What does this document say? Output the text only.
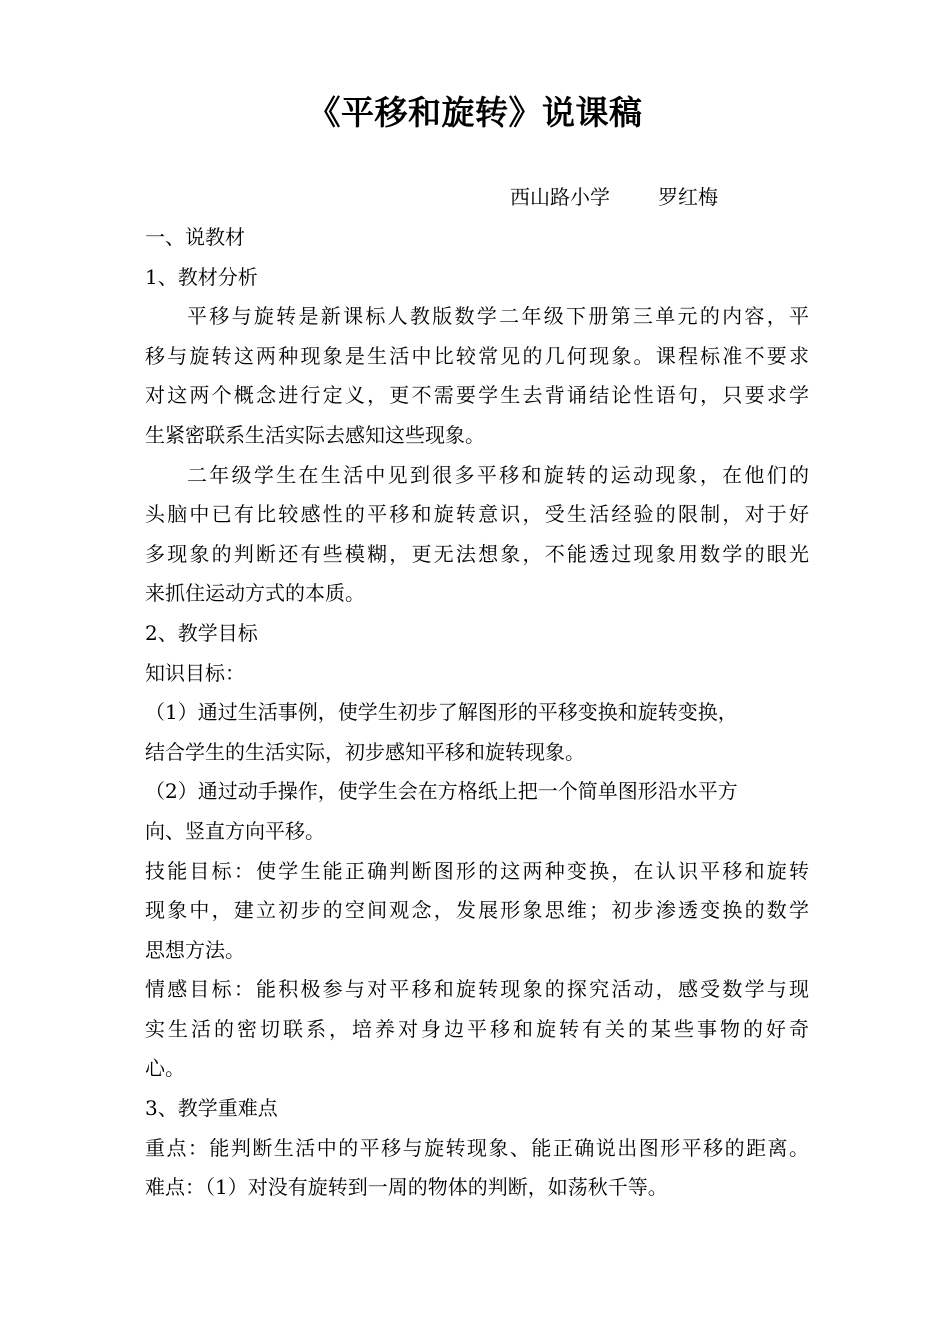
《平移和旋转》说课稿
西山路小学 罗红梅
一、说教材
1、教材分析
平移与旋转是新课标人教版数学二年级下册第三单元的内容，平
移与旋转这两种现象是生活中比较常见的几何现象。课程标准不要求
对这两个概念进行定义，更不需要学生去背诵结论性语句，只要求学
生紧密联系生活实际去感知这些现象。
二年级学生在生活中见到很多平移和旋转的运动现象，在他们的
头脑中已有比较感性的平移和旋转意识，受生活经验的限制，对于好
多现象的判断还有些模糊，更无法想象，不能透过现象用数学的眼光
来抓住运动方式的本质。
2、教学目标
知识目标：
（1）通过生活事例，使学生初步了解图形的平移变换和旋转变换，
结合学生的生活实际，初步感知平移和旋转现象。
（2）通过动手操作，使学生会在方格纸上把一个简单图形沿水平方
向、竖直方向平移。
技能目标：使学生能正确判断图形的这两种变换，在认识平移和旋转
现象中，建立初步的空间观念，发展形象思维；初步渗透变换的数学
思想方法。
情感目标：能积极参与对平移和旋转现象的探究活动，感受数学与现
实生活的密切联系，培养对身边平移和旋转有关的某些事物的好奇
心。
3、教学重难点
重点：能判断生活中的平移与旋转现象、能正确说出图形平移的距离。
难点：（1）对没有旋转到一周的物体的判断，如荡秋千等。
